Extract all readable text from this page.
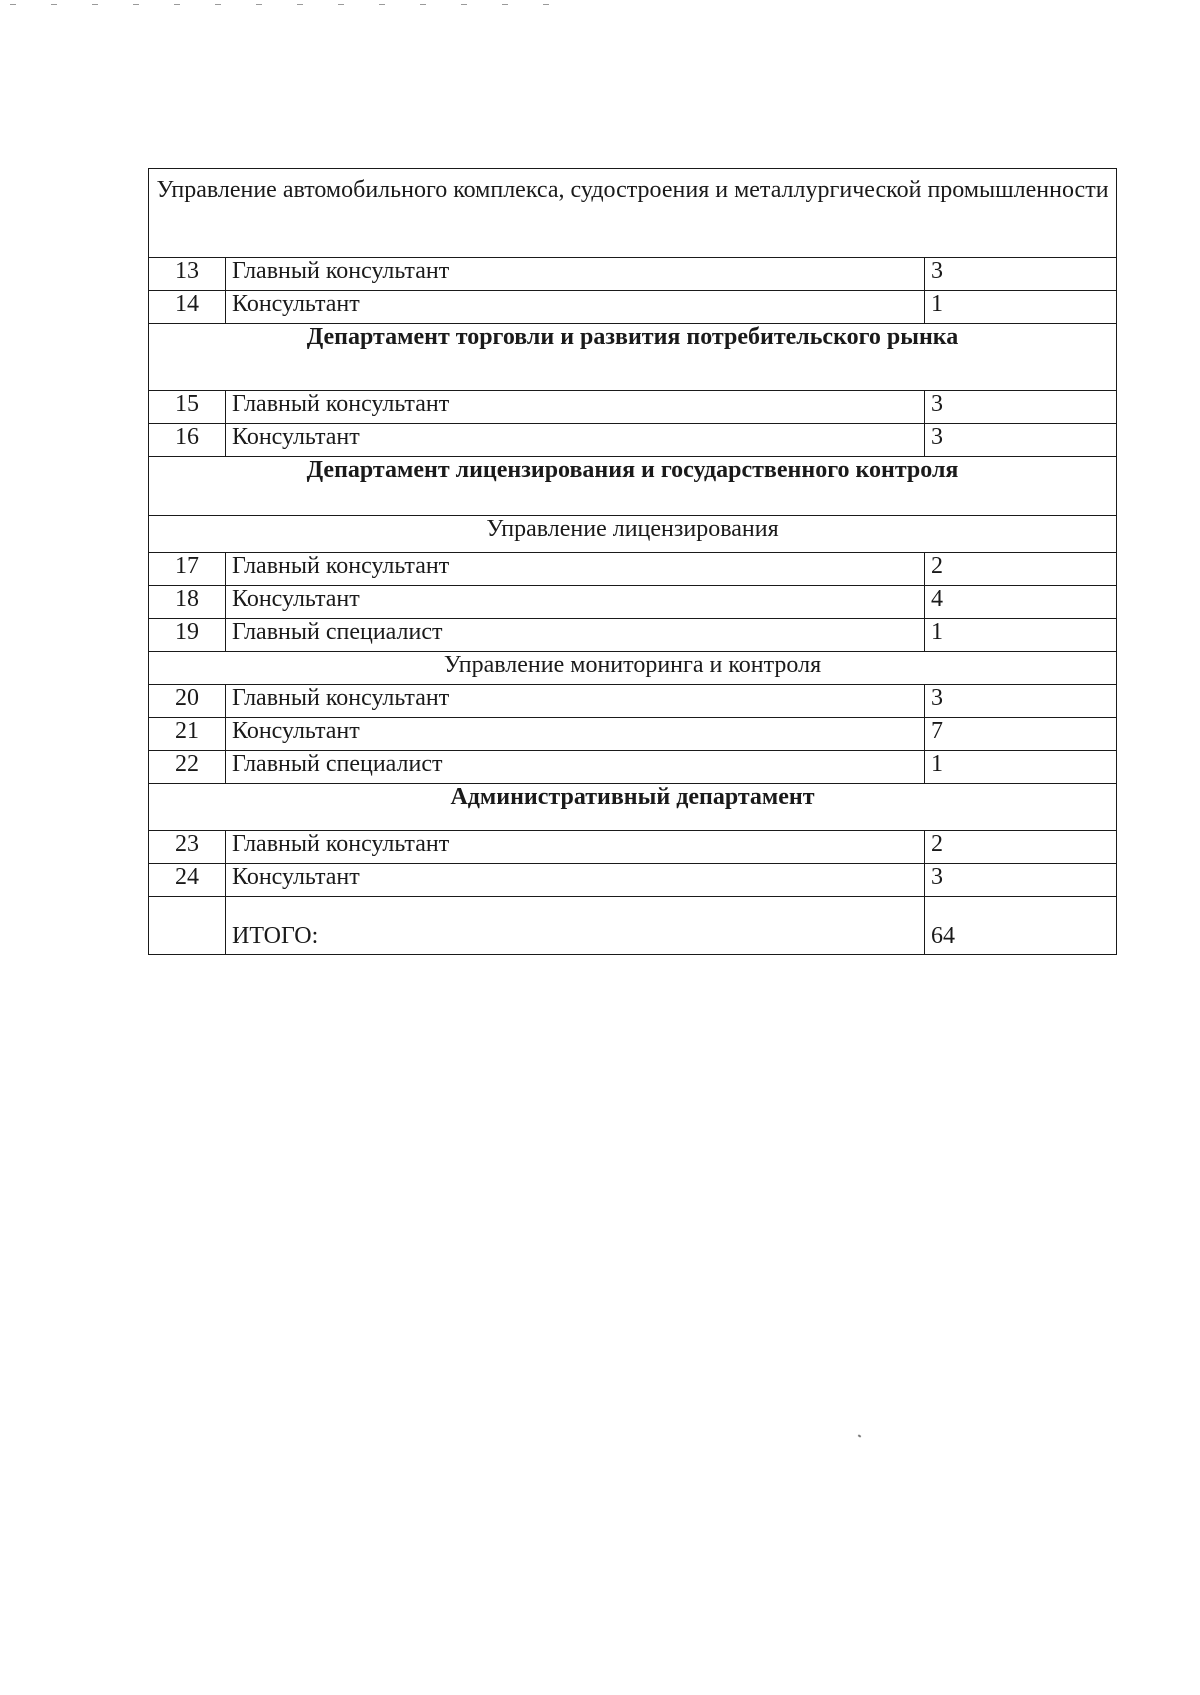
Управление автомобильного комплекса, судостроения и металлургической промышленности		
13	Главный консультант	3
14	Консультант	1
Департамент торговли и развития потребительского рынка		
15	Главный консультант	3
16	Консультант	3
Департамент лицензирования и государственного контроля		
Управление лицензирования		
17	Главный консультант	2
18	Консультант	4
19	Главный специалист	1
Управление мониторинга и контроля		
20	Главный консультант	3
21	Консультант	7
22	Главный специалист	1
Административный департамент		
23	Главный консультант	2
24	Консультант	3
	ИТОГО:	64
